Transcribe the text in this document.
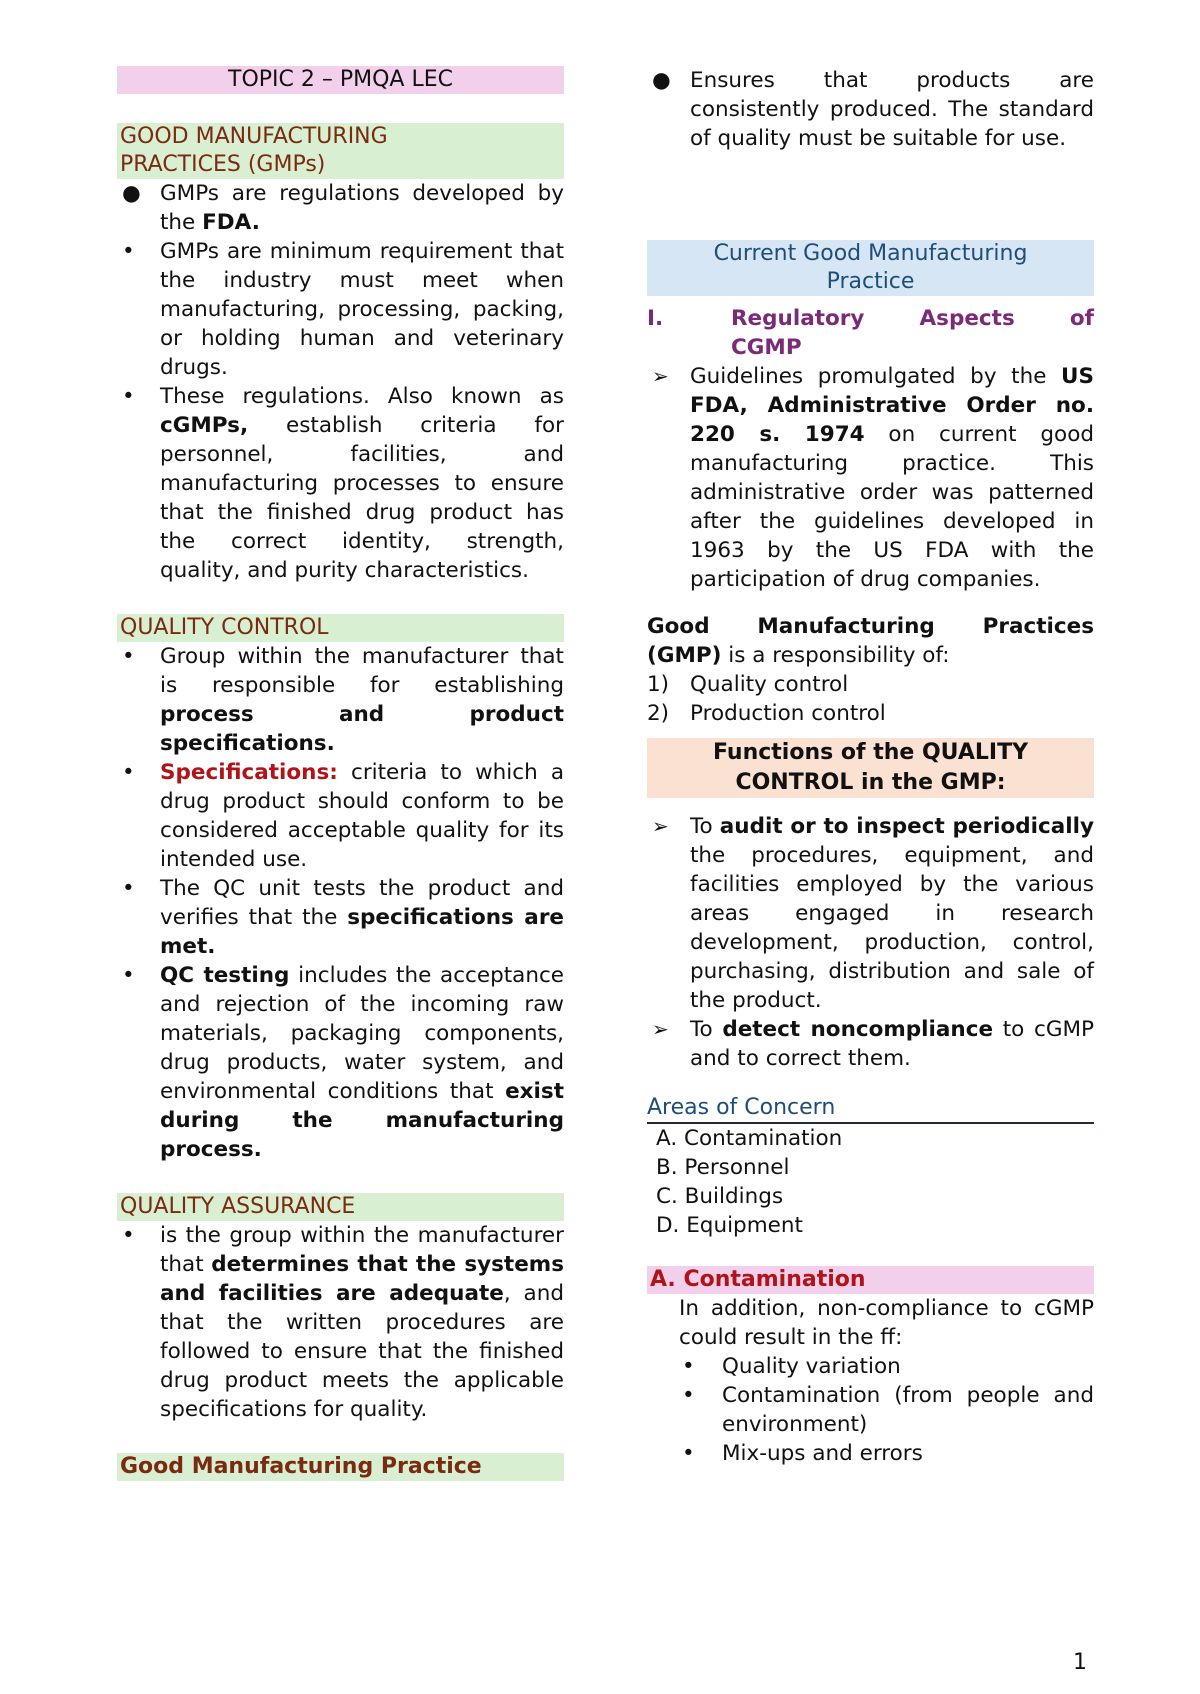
TOPIC 2 – PMQA LEC
GOOD MANUFACTURING
PRACTICES (GMPs)
● GMPs are regulations developed by the FDA.
• GMPs are minimum requirement that the industry must meet when manufacturing, processing, packing, or holding human and veterinary drugs.
• These regulations. Also known as cGMPs, establish criteria for personnel, facilities, and manufacturing processes to ensure that the finished drug product has the correct identity, strength, quality, and purity characteristics.
QUALITY CONTROL
• Group within the manufacturer that is responsible for establishing process and product specifications.
• Specifications: criteria to which a drug product should conform to be considered acceptable quality for its intended use.
• The QC unit tests the product and verifies that the specifications are met.
• QC testing includes the acceptance and rejection of the incoming raw materials, packaging components, drug products, water system, and environmental conditions that exist during the manufacturing process.
QUALITY ASSURANCE
• is the group within the manufacturer that determines that the systems and facilities are adequate, and that the written procedures are followed to ensure that the finished drug product meets the applicable specifications for quality.
Good Manufacturing Practice
● Ensures that products are consistently produced. The standard of quality must be suitable for use.
Current Good Manufacturing
Practice
I.	Regulatory Aspects of
CGMP
➢ Guidelines promulgated by the US FDA, Administrative Order no. 220 s. 1974 on current good manufacturing practice. This administrative order was patterned after the guidelines developed in 1963 by the US FDA with the participation of drug companies.
Good Manufacturing Practices (GMP) is a responsibility of:
1) Quality control
2) Production control
Functions of the QUALITY
CONTROL in the GMP:
➢ To audit or to inspect periodically the procedures, equipment, and facilities employed by the various areas engaged in research development, production, control, purchasing, distribution and sale of the product.
➢ To detect noncompliance to cGMP and to correct them.
Areas of Concern
A. Contamination
B. Personnel
C. Buildings
D. Equipment
A. Contamination
In addition, non-compliance to cGMP could result in the ff:
• Quality variation
• Contamination (from people and environment)
• Mix-ups and errors
1
